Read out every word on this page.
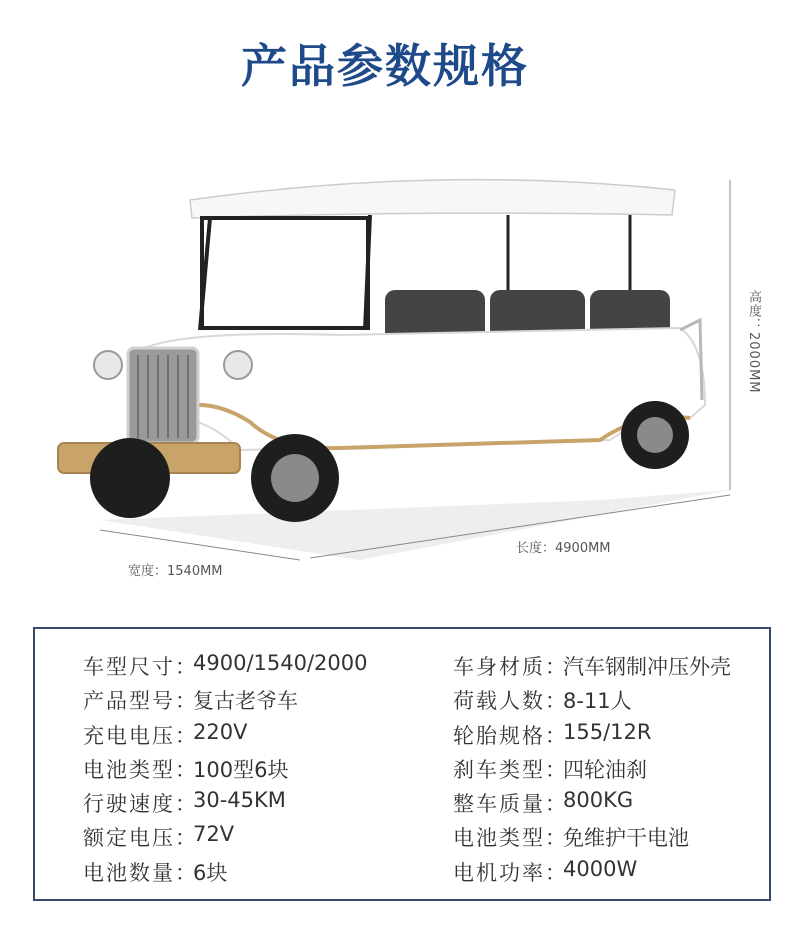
产品参数规格
高度：2000MM
长度：4900MM
宽度：1540MM
车型尺寸 ：
4900/1540/2000
产品型号 ：
复古老爷车
充电电压 ：
220V
电池类型 ：
100型6块
行驶速度 ：
30-45KM
额定电压 ：
72V
电池数量 ：
6块
车身材质 ：
汽车钢制冲压外壳
荷载人数 ：
8-11人
轮胎规格 ：
155/12R
刹车类型 ：
四轮油刹
整车质量 ：
800KG
电池类型 ：
免维护干电池
电机功率 ：
4000W
